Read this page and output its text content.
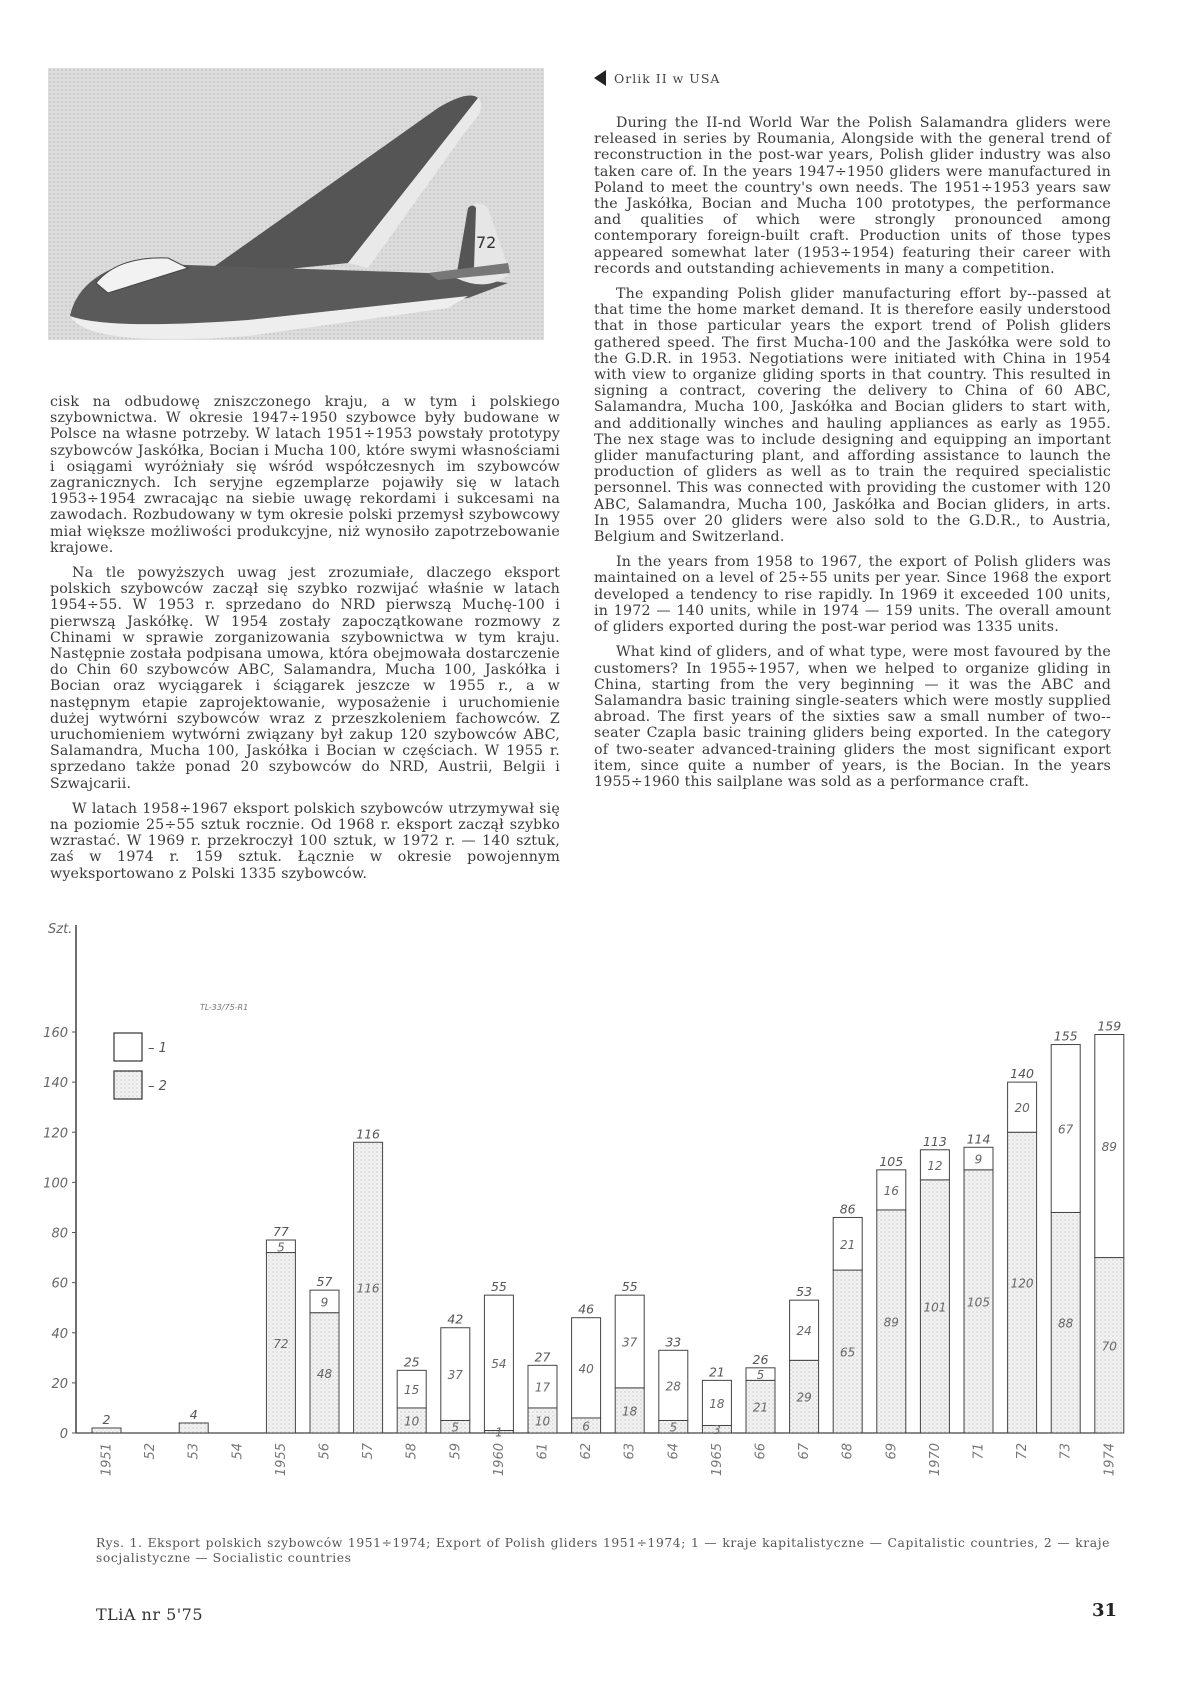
72
Orlik II w USA

cisk na odbudowę zniszczonego kraju, a w tym i polskiego szybownictwa. W okresie 1947÷1950 szybowce były budowane w Polsce na własne potrzeby. W latach 1951÷1953 powstały prototypy szybowców Jaskółka, Bocian i Mucha 100, które swymi własnościami i osiągami wyróżniały się wśród współczesnych im szybowców zagranicznych. Ich seryjne egzemplarze pojawiły się w latach 1953÷1954 zwracając na siebie uwagę rekordami i sukcesami na zawodach. Rozbudowany w tym okresie polski przemysł szybowcowy miał większe możliwości produkcyjne, niż wynosiło zapotrzebowanie krajowe.

Na tle powyższych uwag jest zrozumiałe, dlaczego eksport polskich szybowców zaczął się szybko rozwijać właśnie w latach 1954÷55. W 1953 r. sprzedano do NRD pierwszą Muchę-100 i pierwszą Jaskółkę. W 1954 zostały zapoczątkowane rozmowy z Chinami w sprawie zorganizowania szybownictwa w tym kraju. Następnie została podpisana umowa, która obejmowała dostarczenie do Chin 60 szybowców ABC, Salamandra, Mucha 100, Jaskółka i Bocian oraz wyciągarek i ściągarek jeszcze w 1955 r., a w następnym etapie zaprojektowanie, wyposażenie i uruchomienie dużej wytwórni szybowców wraz z przeszkoleniem fachowców. Z uruchomieniem wytwórni związany był zakup 120 szybowców ABC, Salamandra, Mucha 100, Jaskółka i Bocian w częściach. W 1955 r. sprzedano także ponad 20 szybowców do NRD, Austrii, Belgii i Szwajcarii.

W latach 1958÷1967 eksport polskich szybowców utrzymywał się na poziomie 25÷55 sztuk rocznie. Od 1968 r. eksport zaczął szybko wzrastać. W 1969 r. przekroczył 100 sztuk, w 1972 r. — 140 sztuk, zaś w 1974 r. 159 sztuk. Łącznie w okresie powojennym wyeksportowano z Polski 1335 szybowców.

During the II-nd World War the Polish Salamandra gliders were released in series by Roumania, Alongside with the general trend of reconstruction in the post-war years, Polish glider industry was also taken care of. In the years 1947÷1950 gliders were manufactured in Poland to meet the country's own needs. The 1951÷1953 years saw the Jaskółka, Bocian and Mucha 100 prototypes, the performance and qualities of which were strongly pronounced among contemporary foreign-built craft. Production units of those types appeared somewhat later (1953÷1954) featuring their career with records and outstanding achievements in many a competition.

The expanding Polish glider manufacturing effort by--passed at that time the home market demand. It is therefore easily understood that in those particular years the export trend of Polish gliders gathered speed. The first Mucha-100 and the Jaskółka were sold to the G.D.R. in 1953. Negotiations were initiated with China in 1954 with view to organize gliding sports in that country. This resulted in signing a contract, covering the delivery to China of 60 ABC, Salamandra, Mucha 100, Jaskółka and Bocian gliders to start with, and additionally winches and hauling appliances as early as 1955. The nex stage was to include designing and equipping an important glider manufacturing plant, and affording assistance to launch the production of gliders as well as to train the required specialistic personnel. This was connected with providing the customer with 120 ABC, Salamandra, Mucha 100, Jaskółka and Bocian gliders, in arts. In 1955 over 20 gliders were also sold to the G.D.R., to Austria, Belgium and Switzerland.

In the years from 1958 to 1967, the export of Polish gliders was maintained on a level of 25÷55 units per year. Since 1968 the export developed a tendency to rise rapidly. In 1969 it exceeded 100 units, in 1972 — 140 units, while in 1974 — 159 units. The overall amount of gliders exported during the post-war period was 1335 units.

What kind of gliders, and of what type, were most favoured by the customers? In 1955÷1957, when we helped to organize gliding in China, starting from the very beginning — it was the ABC and Salamandra basic training single-seaters which were mostly supplied abroad. The first years of the sixties saw a small number of two--seater Czapla basic training gliders being exported. In the category of two-seater advanced-training gliders the most significant export item, since quite a number of years, is the Bocian. In the years 1955÷1960 this sailplane was sold as a performance craft.

TL-33/75-R1
Szt.
0
20
40
60
80
100
120
140
160
– 1
– 2
2
1951 52
4
53 54
77
72
5
1955
57
48
9
56
116
116
57
25
10
15
58
42
5
37
59
55
1
54
1960
27
10
17
61
46
6
40
62
55
18
37
63
33
5
28
64
21
3
18
1965
26
21
5
66
53
29
24
67
86
65
21
68
105
89
16
69
113
101
12
1970
114
105
9
71
140
120
20
72
155
88
67
73
159
70
89
1974
Rys. 1. Eksport polskich szybowców 1951÷1974; Export of Polish gliders 1951÷1974; 1 — kraje kapitalistyczne — Capitalistic countries, 2 — kraje socjalistyczne — Socialistic countries
TLiA nr 5'75	31
